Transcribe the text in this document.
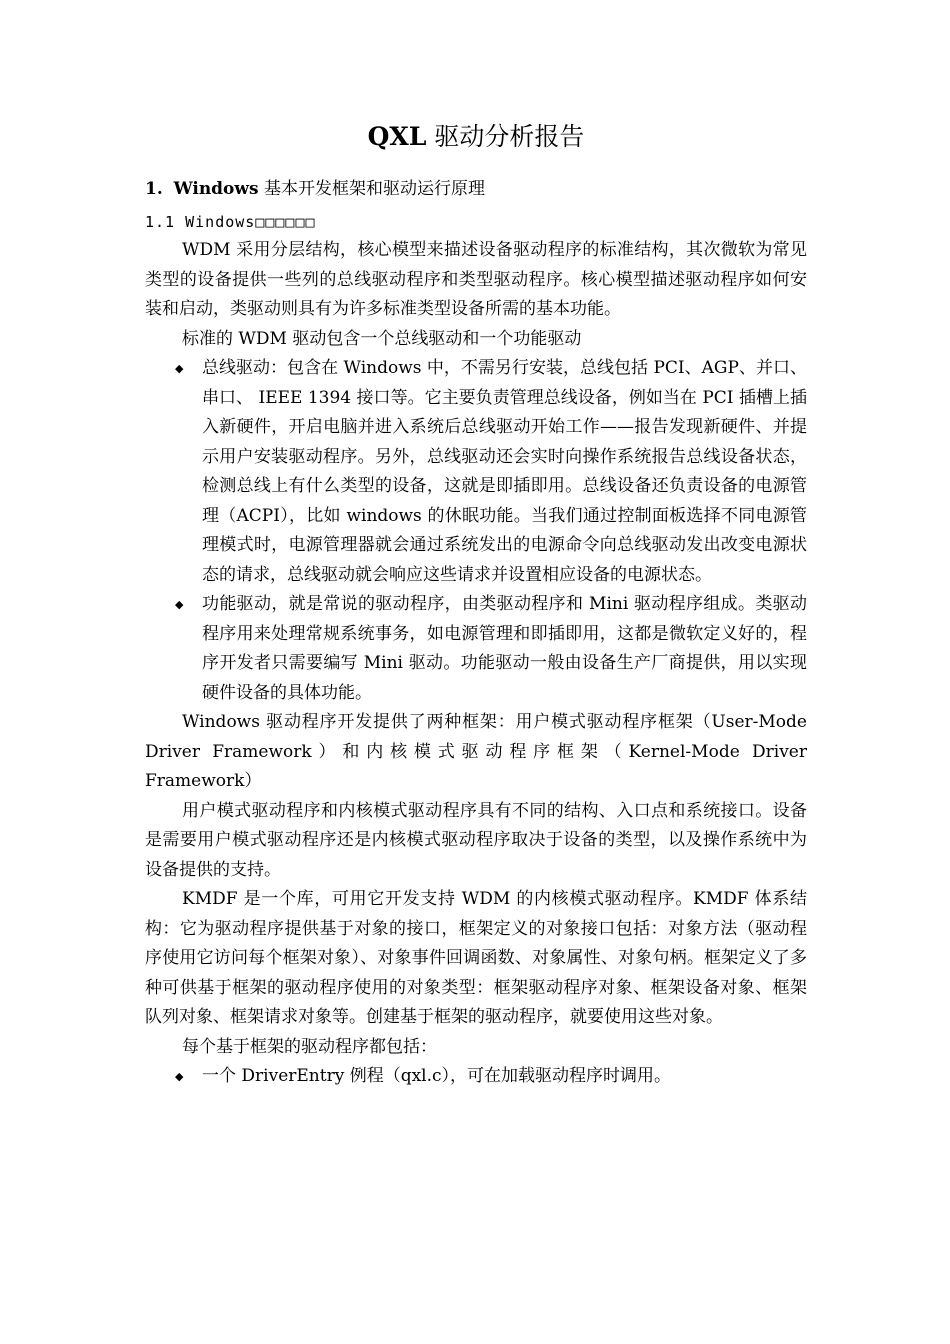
QXL 驱动分析报告
1. Windows 基本开发框架和驱动运行原理
1.1 Windows□□□□□□

WDM 采用分层结构，核心模型来描述设备驱动程序的标准结构，其次微软为常见类型的设备提供一些列的总线驱动程序和类型驱动程序。核心模型描述驱动程序如何安装和启动，类驱动则具有为许多标准类型设备所需的基本功能。

标准的 WDM 驱动包含一个总线驱动和一个功能驱动

◆ 总线驱动：包含在 Windows 中，不需另行安装，总线包括 PCI、AGP、并口、串口、 IEEE 1394 接口等。它主要负责管理总线设备，例如当在 PCI 插槽上插入新硬件，开启电脑并进入系统后总线驱动开始工作——报告发现新硬件、并提示用户安装驱动程序。另外，总线驱动还会实时向操作系统报告总线设备状态，检测总线上有什么类型的设备，这就是即插即用。总线设备还负责设备的电源管理（ACPI），比如 windows 的休眠功能。当我们通过控制面板选择不同电源管理模式时，电源管理器就会通过系统发出的电源命令向总线驱动发出改变电源状态的请求，总线驱动就会响应这些请求并设置相应设备的电源状态。
◆ 功能驱动，就是常说的驱动程序，由类驱动程序和 Mini 驱动程序组成。类驱动程序用来处理常规系统事务，如电源管理和即插即用，这都是微软定义好的，程序开发者只需要编写 Mini 驱动。功能驱动一般由设备生产厂商提供，用以实现硬件设备的具体功能。

Windows 驱动程序开发提供了两种框架：用户模式驱动程序框架（User-Mode Driver Framework）和内核模式驱动程序框架（Kernel-Mode Driver Framework）

用户模式驱动程序和内核模式驱动程序具有不同的结构、入口点和系统接口。设备是需要用户模式驱动程序还是内核模式驱动程序取决于设备的类型，以及操作系统中为设备提供的支持。

KMDF 是一个库，可用它开发支持 WDM 的内核模式驱动程序。KMDF 体系结构：它为驱动程序提供基于对象的接口，框架定义的对象接口包括：对象方法（驱动程序使用它访问每个框架对象）、对象事件回调函数、对象属性、对象句柄。框架定义了多种可供基于框架的驱动程序使用的对象类型：框架驱动程序对象、框架设备对象、框架队列对象、框架请求对象等。创建基于框架的驱动程序，就要使用这些对象。

每个基于框架的驱动程序都包括：

◆ 一个 DriverEntry 例程（qxl.c），可在加载驱动程序时调用。
